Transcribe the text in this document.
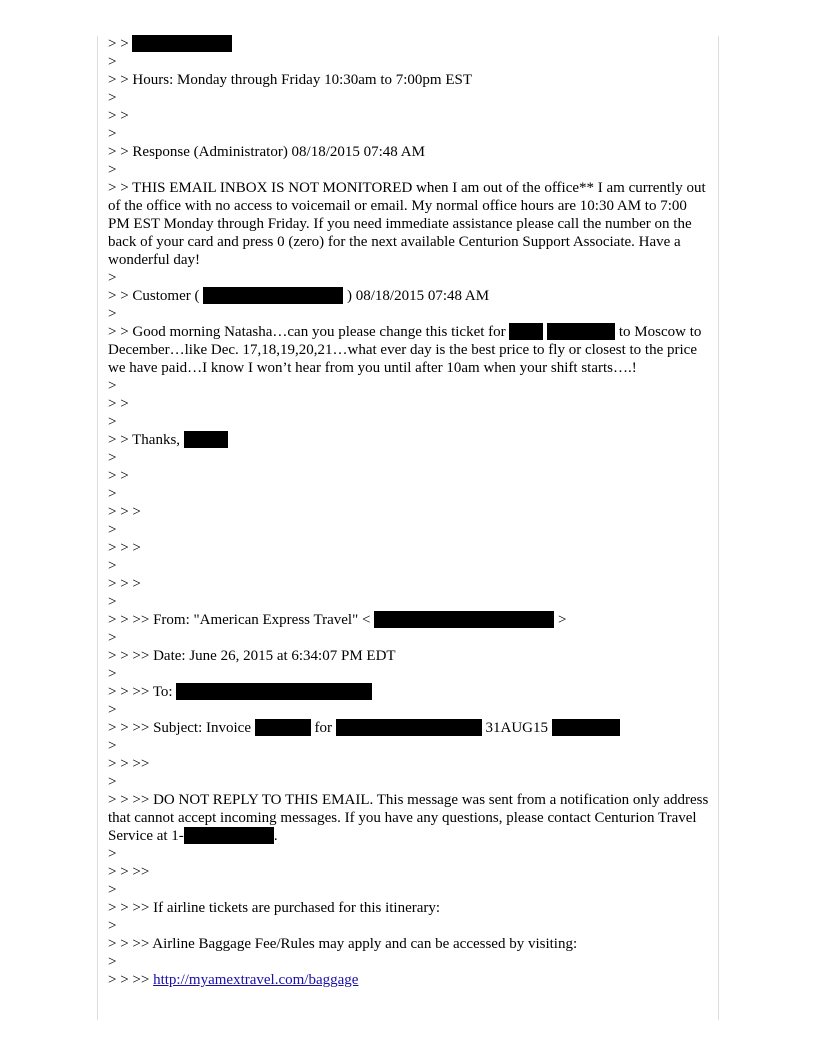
> >
>
> > Hours: Monday through Friday 10:30am to 7:00pm EST
>
> >
>
> > Response (Administrator) 08/18/2015 07:48 AM
>
> > THIS EMAIL INBOX IS NOT MONITORED when I am out of the office** I am currently out of the office with no access to voicemail or email. My normal office hours are 10:30 AM to 7:00 PM EST Monday through Friday. If you need immediate assistance please call the number on the back of your card and press 0 (zero) for the next available Centurion Support Associate. Have a wonderful day!
>
> > Customer (	) 08/18/2015 07:48 AM
>
> > Good morning Natasha…can you please change this ticket for	to Moscow to December…like Dec. 17,18,19,20,21…what ever day is the best price to fly or closest to the price we have paid…I know I won’t hear from you until after 10am when your shift starts….!
>
> >
>
> > Thanks,
>
> >
>
> > >
>
> > >
>
> > >
>
> > >> From: "American Express Travel" <	>
>
> > >> Date: June 26, 2015 at 6:34:07 PM EDT
>
> > >> To:
>
> > >> Subject: Invoice	for	31AUG15
>
> > >>
>
> > >> DO NOT REPLY TO THIS EMAIL. This message was sent from a notification only address that cannot accept incoming messages. If you have any questions, please contact Centurion Travel Service at 1-	.
>
> > >>
>
> > >> If airline tickets are purchased for this itinerary:
>
> > >> Airline Baggage Fee/Rules may apply and can be accessed by visiting:
>
> > >> http://myamextravel.com/baggage
